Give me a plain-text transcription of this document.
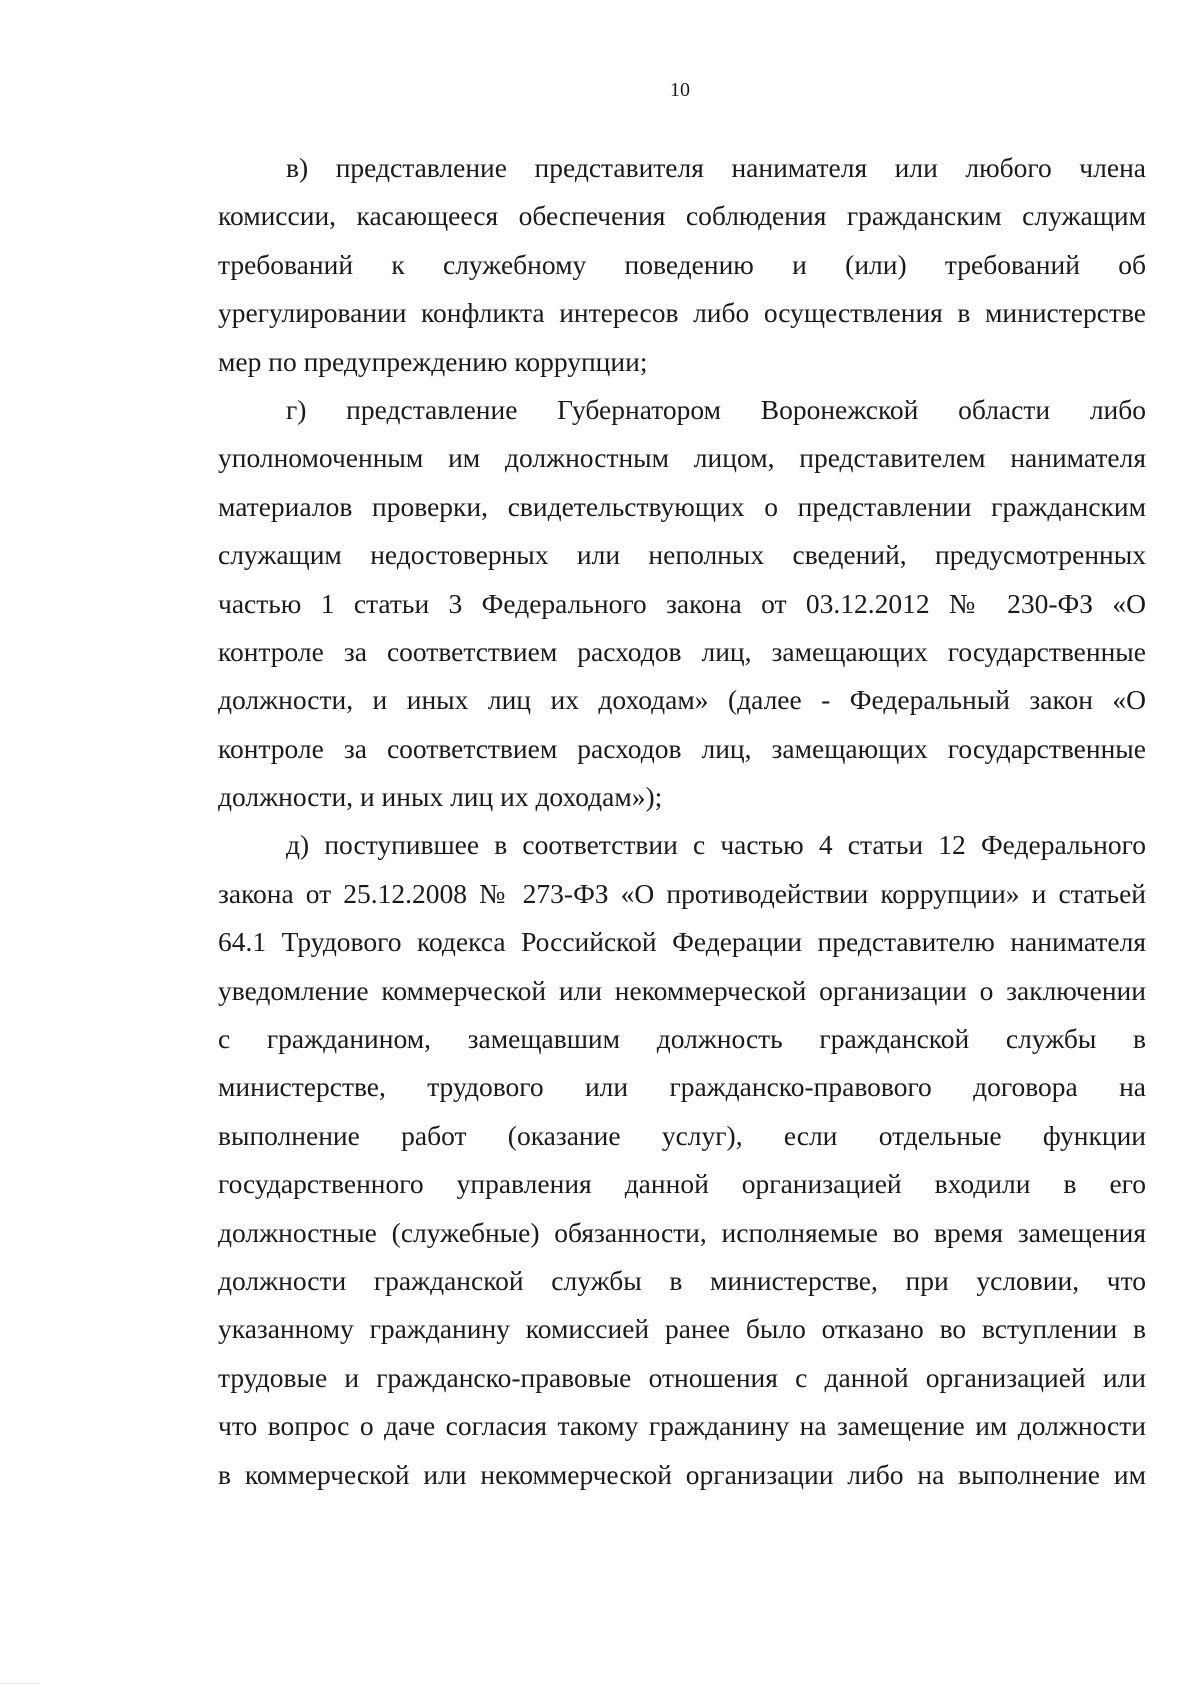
10
в) представление представителя нанимателя или любого члена
комиссии, касающееся обеспечения соблюдения гражданским служащим
требований к служебному поведению и (или) требований об
урегулировании конфликта интересов либо осуществления в министерстве
мер по предупреждению коррупции;
г) представление Губернатором Воронежской области либо
уполномоченным им должностным лицом, представителем нанимателя
материалов проверки, свидетельствующих о представлении гражданским
служащим недостоверных или неполных сведений, предусмотренных
частью 1 статьи 3 Федерального закона от 03.12.2012 № 230-ФЗ «О
контроле за соответствием расходов лиц, замещающих государственные
должности, и иных лиц их доходам» (далее - Федеральный закон «О
контроле за соответствием расходов лиц, замещающих государственные
должности, и иных лиц их доходам»);
д) поступившее в соответствии с частью 4 статьи 12 Федерального
закона от 25.12.2008 № 273-ФЗ «О противодействии коррупции» и статьей
64.1 Трудового кодекса Российской Федерации представителю нанимателя
уведомление коммерческой или некоммерческой организации о заключении
с гражданином, замещавшим должность гражданской службы в
министерстве, трудового или гражданско-правового договора на
выполнение работ (оказание услуг), если отдельные функции
государственного управления данной организацией входили в его
должностные (служебные) обязанности, исполняемые во время замещения
должности гражданской службы в министерстве, при условии, что
указанному гражданину комиссией ранее было отказано во вступлении в
трудовые и гражданско-правовые отношения с данной организацией или
что вопрос о даче согласия такому гражданину на замещение им должности
в коммерческой или некоммерческой организации либо на выполнение им
